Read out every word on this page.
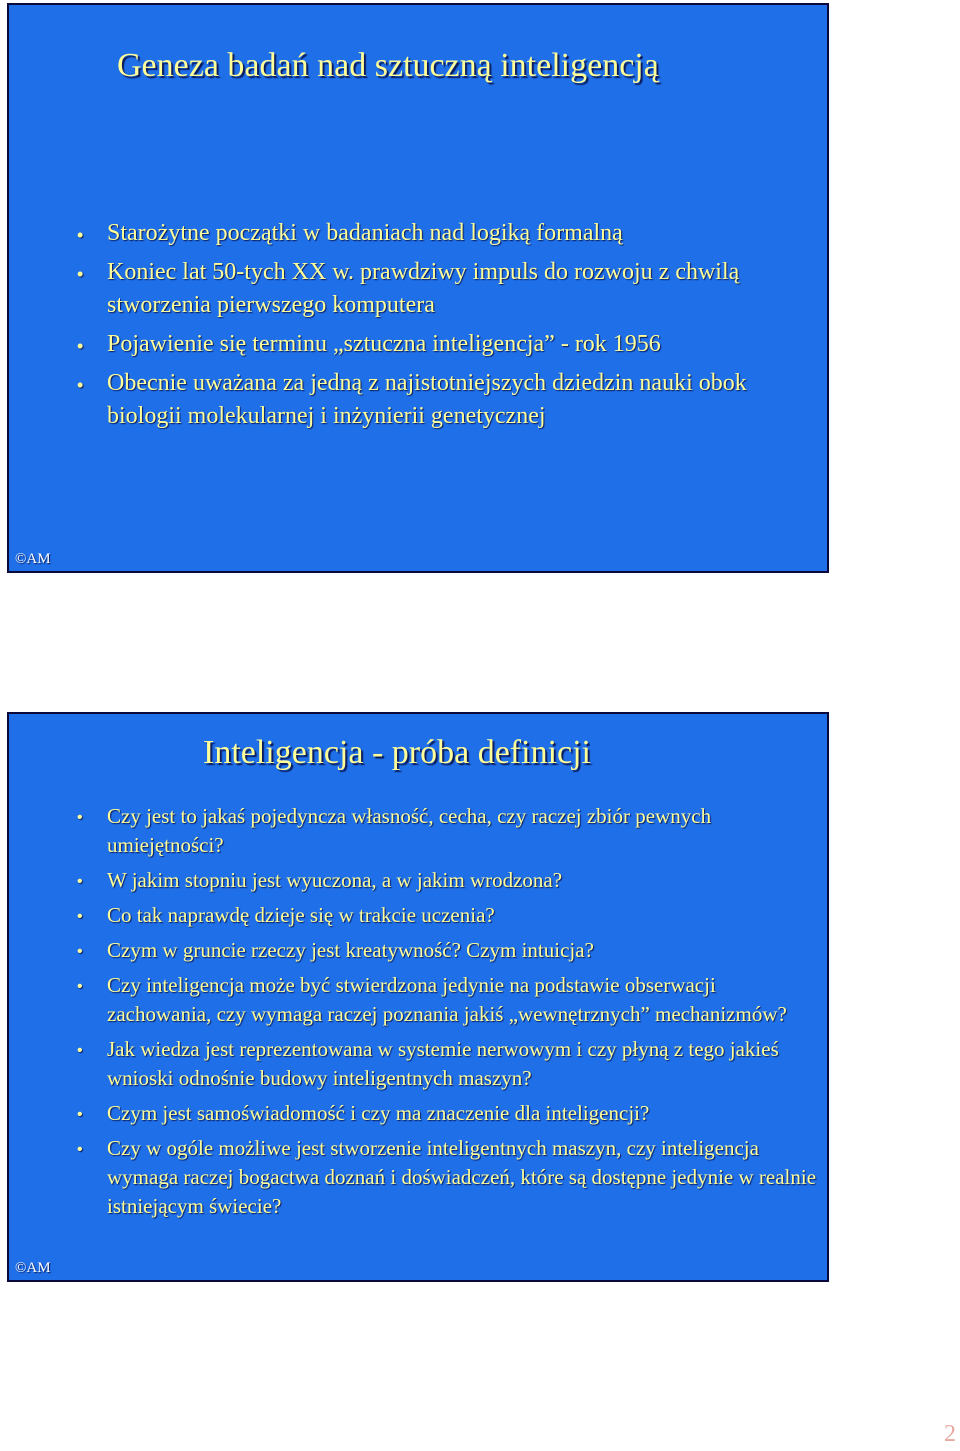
Geneza badań nad sztuczną inteligencją
• Starożytne początki w badaniach nad logiką formalną
• Koniec lat 50-tych XX w. prawdziwy impuls do rozwoju z chwilą stworzenia pierwszego komputera
• Pojawienie się terminu „sztuczna inteligencja” - rok 1956
• Obecnie uważana za jedną z najistotniejszych dziedzin nauki obok biologii molekularnej i inżynierii genetycznej
©AM
Inteligencja - próba definicji
• Czy jest to jakaś pojedyncza własność, cecha, czy raczej zbiór pewnych umiejętności?
• W jakim stopniu jest wyuczona, a w jakim wrodzona?
• Co tak naprawdę dzieje się w trakcie uczenia?
• Czym w gruncie rzeczy jest kreatywność? Czym intuicja?
• Czy inteligencja może być stwierdzona jedynie na podstawie obserwacji zachowania, czy wymaga raczej poznania jakiś „wewnętrznych” mechanizmów?
• Jak wiedza jest reprezentowana w systemie nerwowym i czy płyną z tego jakieś wnioski odnośnie budowy inteligentnych maszyn?
• Czym jest samoświadomość i czy ma znaczenie dla inteligencji?
• Czy w ogóle możliwe jest stworzenie inteligentnych maszyn, czy inteligencja wymaga raczej bogactwa doznań i doświadczeń, które są dostępne jedynie w realnie istniejącym świecie?
©AM
2
